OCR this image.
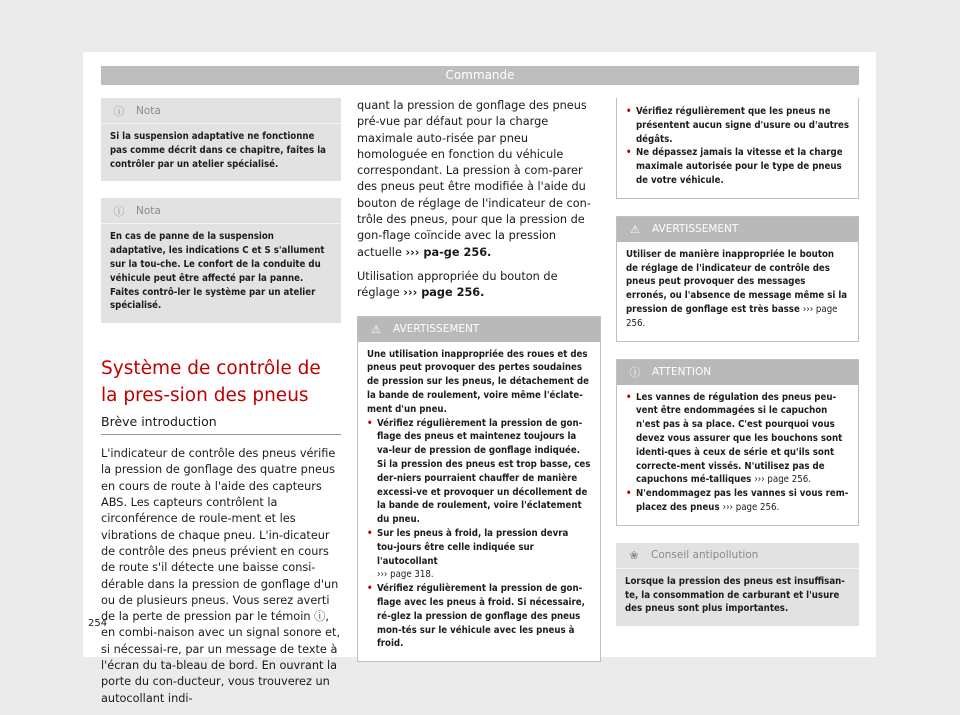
Commande
ⓘ	Nota

Si la suspension adaptative ne fonctionne pas comme décrit dans ce chapitre, faites la contrôler par un atelier spécialisé.

ⓘ	Nota

En cas de panne de la suspension adaptative, les indications C et S s'allument sur la tou-che. Le confort de la conduite du véhicule peut être affecté par la panne. Faites contrô-ler le système par un atelier spécialisé.

Système de contrôle de la pres-sion des pneus
Brève introduction

L'indicateur de contrôle des pneus vérifie la pression de gonflage des quatre pneus en cours de route à l'aide des capteurs ABS. Les capteurs contrôlent la circonférence de roule-ment et les vibrations de chaque pneu. L'in-dicateur de contrôle des pneus prévient en cours de route s'il détecte une baisse consi-dérable dans la pression de gonflage d'un ou de plusieurs pneus. Vous serez averti de la perte de pression par le témoin ⓘ, en combi-naison avec un signal sonore et, si nécessai-re, par un message de texte à l'écran du ta-bleau de bord. En ouvrant la porte du con-ducteur, vous trouverez un autocollant indi-

quant la pression de gonflage des pneus pré-vue par défaut pour la charge maximale auto-risée par pneu homologuée en fonction du véhicule correspondant. La pression à com-parer des pneus peut être modifiée à l'aide du bouton de réglage de l'indicateur de con-trôle des pneus, pour que la pression de gon-flage coïncide avec la pression actuelle ››› pa-ge 256.

Utilisation appropriée du bouton de réglage ››› page 256.

⚠	AVERTISSEMENT

Une utilisation inappropriée des roues et des pneus peut provoquer des pertes soudaines de pression sur les pneus, le détachement de la bande de roulement, voire même l'éclate-ment d'un pneu.

• Vérifiez régulièrement la pression de gon-flage des pneus et maintenez toujours la va-leur de pression de gonflage indiquée. Si la pression des pneus est trop basse, ces der-niers pourraient chauffer de manière excessi-ve et provoquer un décollement de la bande de roulement, voire l'éclatement du pneu.
• Sur les pneus à froid, la pression devra tou-jours être celle indiquée sur l'autocollant
››› page 318.
• Vérifiez régulièrement la pression de gon-flage avec les pneus à froid. Si nécessaire, ré-glez la pression de gonflage des pneus mon-tés sur le véhicule avec les pneus à froid.
• Vérifiez régulièrement que les pneus ne présentent aucun signe d'usure ou d'autres dégâts.
• Ne dépassez jamais la vitesse et la charge maximale autorisée pour le type de pneus de votre véhicule.
⚠	AVERTISSEMENT

Utiliser de manière inappropriée le bouton de réglage de l'indicateur de contrôle des pneus peut provoquer des messages erronés, ou l'absence de message même si la pression de gonflage est très basse ››› page 256.

ⓘ	ATTENTION
• Les vannes de régulation des pneus peu-vent être endommagées si le capuchon n'est pas à sa place. C'est pourquoi vous devez vous assurer que les bouchons sont identi-ques à ceux de série et qu'ils sont correcte-ment vissés. N'utilisez pas de capuchons mé-talliques ››› page 256.
• N'endommagez pas les vannes si vous rem-placez des pneus ››› page 256.
❀	Conseil antipollution

Lorsque la pression des pneus est insuffisan-te, la consommation de carburant et l'usure des pneus sont plus importantes.

254
